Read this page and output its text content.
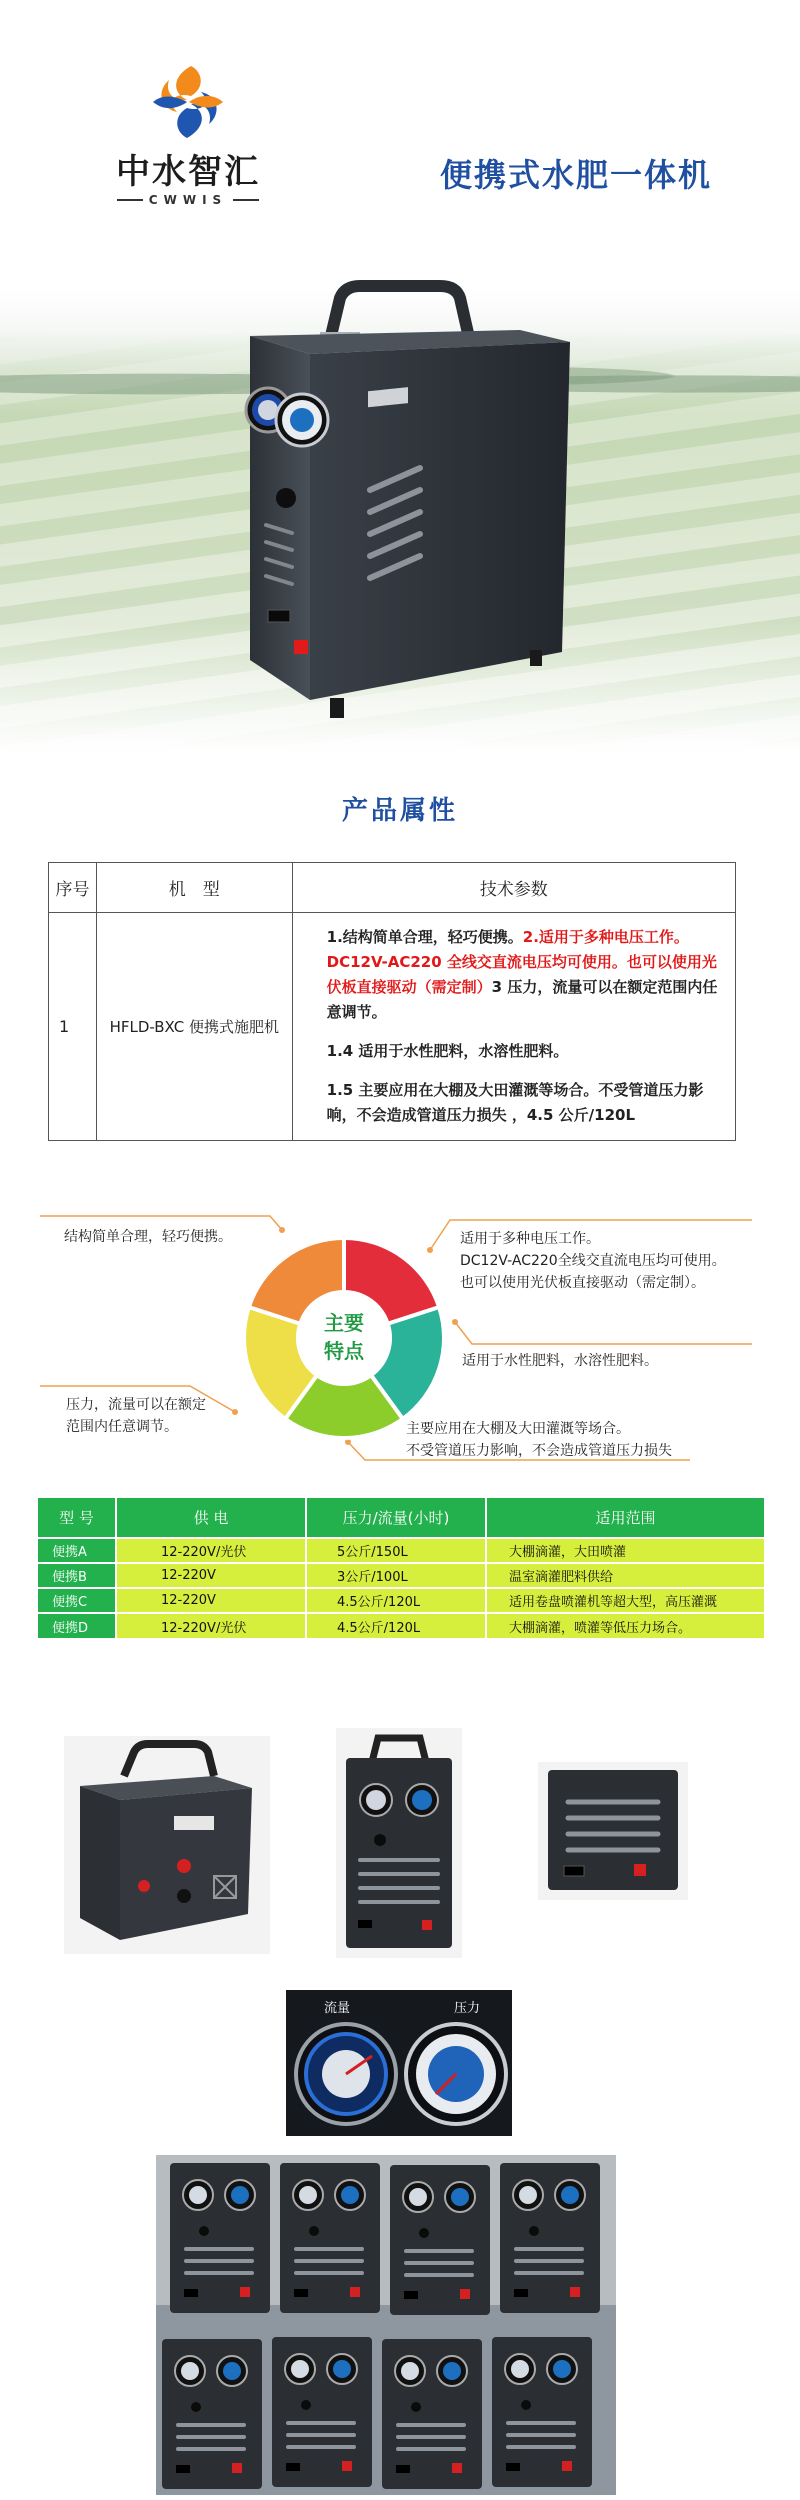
中水智汇
CWWIS
便携式水肥一体机
产品属性
序号	机　型	技术参数
1	HFLD-BXC 便携式施肥机	1.结构简单合理，轻巧便携。2.适用于多种电压工作。DC12V-AC220 全线交直流电压均可使用。也可以使用光伏板直接驱动（需定制）3 压力，流量可以在额定范围内任意调节。

1.4 适用于水性肥料，水溶性肥料。

1.5 主要应用在大棚及大田灌溉等场合。不受管道压力影响，不会造成管道压力损失 ，4.5 公斤/120L

主要
特点
结构简单合理，轻巧便携。	适用于多种电压工作。
DC12V-AC220全线交直流电压均可使用。
也可以使用光伏板直接驱动（需定制）。
适用于水性肥料，水溶性肥料。
压力，流量可以在额定
范围内任意调节。	主要应用在大棚及大田灌溉等场合。
不受管道压力影响，不会造成管道压力损失
型 号	供 电	压力/流量(小时)	适用范围
便携A	12-220V/光伏	5公斤/150L	大棚滴灌，大田喷灌
便携B	12-220V	3公斤/100L	温室滴灌肥料供给
便携C	12-220V	4.5公斤/120L	适用卷盘喷灌机等超大型，高压灌溉
便携D	12-220V/光伏	4.5公斤/120L	大棚滴灌，喷灌等低压力场合。
流量	压力
